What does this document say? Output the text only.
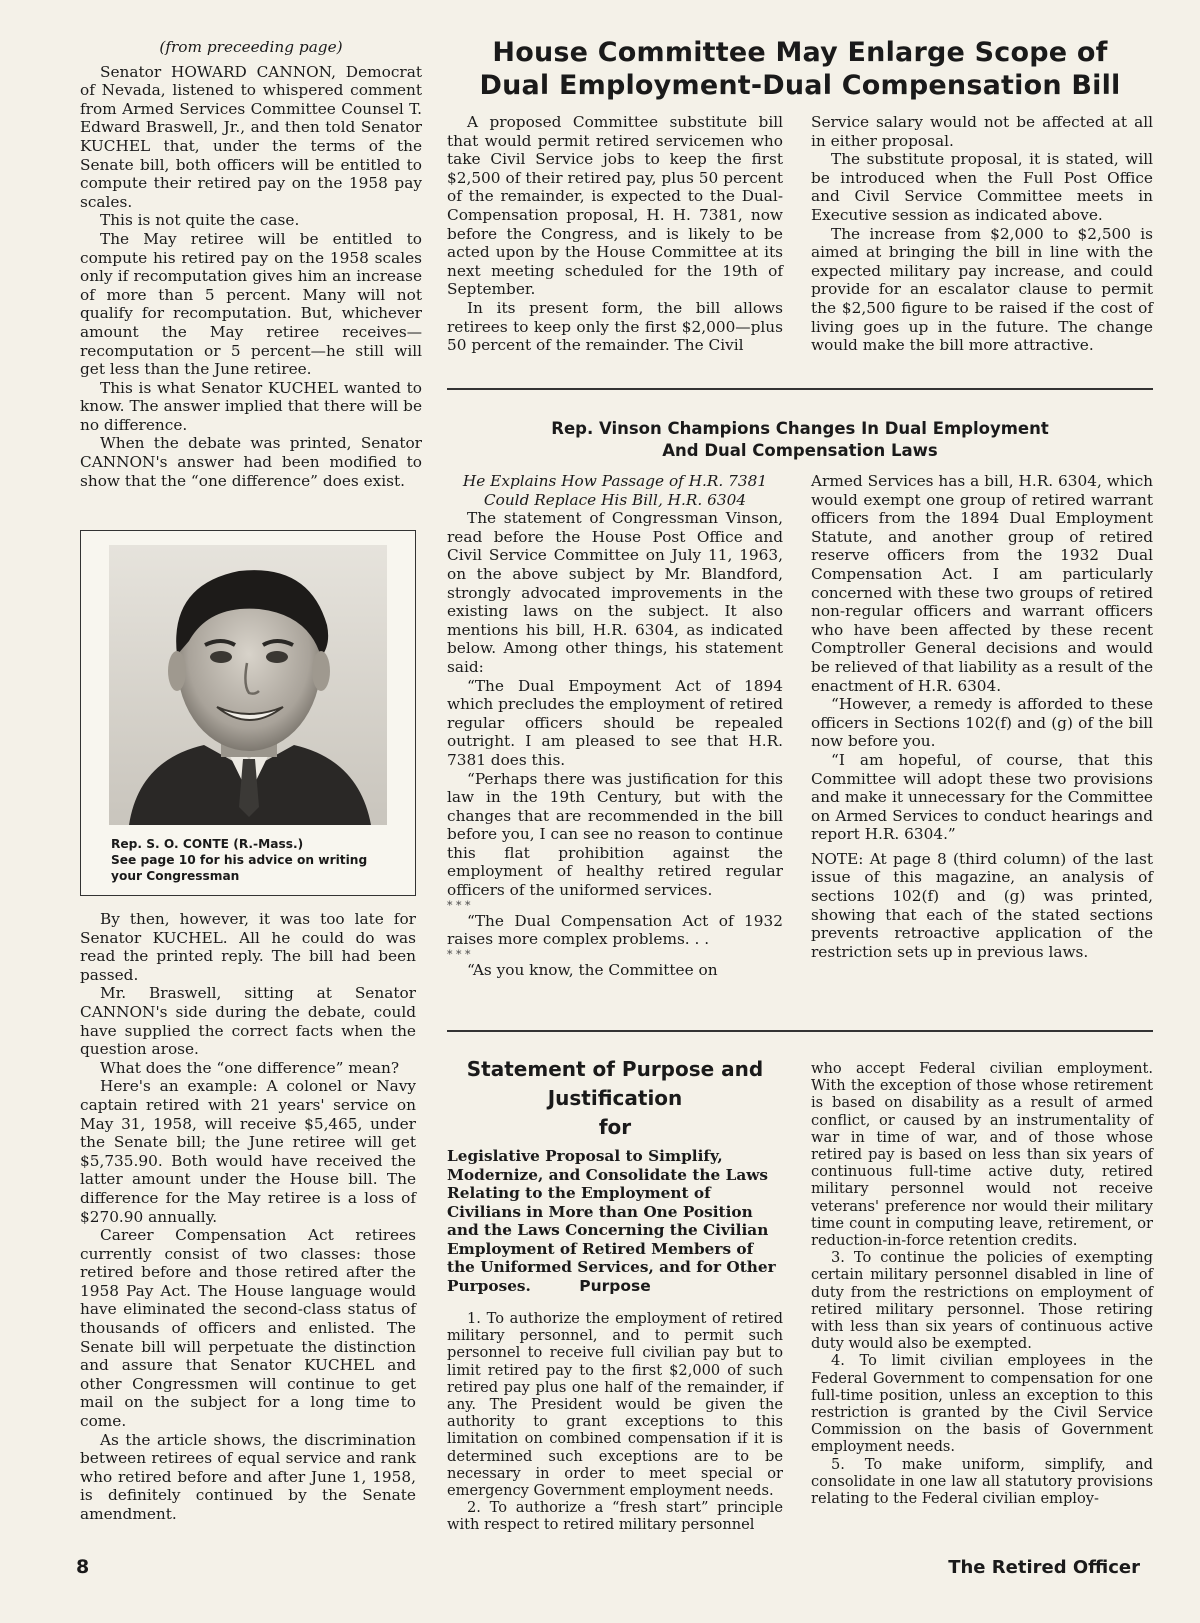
(from preceeding page)

Senator HOWARD CANNON, Democrat of Nevada, listened to whispered comment from Armed Services Committee Counsel T. Edward Braswell, Jr., and then told Senator KUCHEL that, under the terms of the Senate bill, both officers will be entitled to compute their retired pay on the 1958 pay scales.

This is not quite the case.

The May retiree will be entitled to compute his retired pay on the 1958 scales only if recomputation gives him an increase of more than 5 percent. Many will not qualify for recomputation. But, whichever amount the May retiree receives—recomputation or 5 percent—he still will get less than the June retiree.

This is what Senator KUCHEL wanted to know. The answer implied that there will be no difference.

When the debate was printed, Senator CANNON's answer had been modified to show that the “one difference” does exist.

Rep. S. O. CONTE (R.-Mass.)
See page 10 for his advice on writing your Congressman

By then, however, it was too late for Senator KUCHEL. All he could do was read the printed reply. The bill had been passed.

Mr. Braswell, sitting at Senator CANNON's side during the debate, could have supplied the correct facts when the question arose.

What does the “one difference” mean?

Here's an example: A colonel or Navy captain retired with 21 years' service on May 31, 1958, will receive $5,465, under the Senate bill; the June retiree will get $5,735.90. Both would have received the latter amount under the House bill. The difference for the May retiree is a loss of $270.90 annually.

Career Compensation Act retirees currently consist of two classes: those retired before and those retired after the 1958 Pay Act. The House language would have eliminated the second-class status of thousands of officers and enlisted. The Senate bill will perpetuate the distinction and assure that Senator KUCHEL and other Congressmen will continue to get mail on the subject for a long time to come.

As the article shows, the discrimination between retirees of equal service and rank who retired before and after June 1, 1958, is definitely continued by the Senate amendment.

House Committee May Enlarge Scope of
Dual Employment-Dual Compensation Bill

A proposed Committee substitute bill that would permit retired servicemen who take Civil Service jobs to keep the first $2,500 of their retired pay, plus 50 percent of the remainder, is expected to the Dual-Compensation proposal, H. H. 7381, now before the Congress, and is likely to be acted upon by the House Committee at its next meeting scheduled for the 19th of September.

In its present form, the bill allows retirees to keep only the first $2,000—plus 50 percent of the remainder. The Civil

Service salary would not be affected at all in either proposal.

The substitute proposal, it is stated, will be introduced when the Full Post Office and Civil Service Committee meets in Executive session as indicated above.

The increase from $2,000 to $2,500 is aimed at bringing the bill in line with the expected military pay increase, and could provide for an escalator clause to permit the $2,500 figure to be raised if the cost of living goes up in the future. The change would make the bill more attractive.

Rep. Vinson Champions Changes In Dual Employment
And Dual Compensation Laws

He Explains How Passage of H.R. 7381

Could Replace His Bill, H.R. 6304

The statement of Congressman Vinson, read before the House Post Office and Civil Service Committee on July 11, 1963, on the above subject by Mr. Blandford, strongly advocated improvements in the existing laws on the subject. It also mentions his bill, H.R. 6304, as indicated below. Among other things, his statement said:

“The Dual Empoyment Act of 1894 which precludes the employment of retired regular officers should be repealed outright. I am pleased to see that H.R. 7381 does this.

“Perhaps there was justification for this law in the 19th Century, but with the changes that are recommended in the bill before you, I can see no reason to continue this flat prohibition against the employment of healthy retired regular officers of the uniformed services.

* * *

“The Dual Compensation Act of 1932 raises more complex problems. . .

* * *

“As you know, the Committee on

Armed Services has a bill, H.R. 6304, which would exempt one group of retired warrant officers from the 1894 Dual Employment Statute, and another group of retired reserve officers from the 1932 Dual Compensation Act. I am particularly concerned with these two groups of retired non-regular officers and warrant officers who have been affected by these recent Comptroller General decisions and would be relieved of that liability as a result of the enactment of H.R. 6304.

“However, a remedy is afforded to these officers in Sections 102(f) and (g) of the bill now before you.

“I am hopeful, of course, that this Committee will adopt these two provisions and make it unnecessary for the Committee on Armed Services to conduct hearings and report H.R. 6304.”

NOTE: At page 8 (third column) of the last issue of this magazine, an analysis of sections 102(f) and (g) was printed, showing that each of the stated sections prevents retroactive application of the restriction sets up in previous laws.

Statement of Purpose and
Justification
for
Legislative Proposal to Simplify, Modernize, and Consolidate the Laws Relating to the Employment of Civilians in More than One Position and the Laws Concerning the Civilian Employment of Retired Members of the Uniformed Services, and for Other Purposes.	Purpose

1. To authorize the employment of retired military personnel, and to permit such personnel to receive full civilian pay but to limit retired pay to the first $2,000 of such retired pay plus one half of the remainder, if any. The President would be given the authority to grant exceptions to this limitation on combined compensation if it is determined such exceptions are to be necessary in order to meet special or emergency Government employment needs.

2. To authorize a “fresh start” principle with respect to retired military personnel

who accept Federal civilian employment. With the exception of those whose retirement is based on disability as a result of armed conflict, or caused by an instrumentality of war in time of war, and of those whose retired pay is based on less than six years of continuous full-time active duty, retired military personnel would not receive veterans' preference nor would their military time count in computing leave, retirement, or reduction-in-force retention credits.

3. To continue the policies of exempting certain military personnel disabled in line of duty from the restrictions on employment of retired military personnel. Those retiring with less than six years of continuous active duty would also be exempted.

4. To limit civilian employees in the Federal Government to compensation for one full-time position, unless an exception to this restriction is granted by the Civil Service Commission on the basis of Government employment needs.

5. To make uniform, simplify, and consolidate in one law all statutory provisions relating to the Federal civilian employ-

8	The Retired Officer
